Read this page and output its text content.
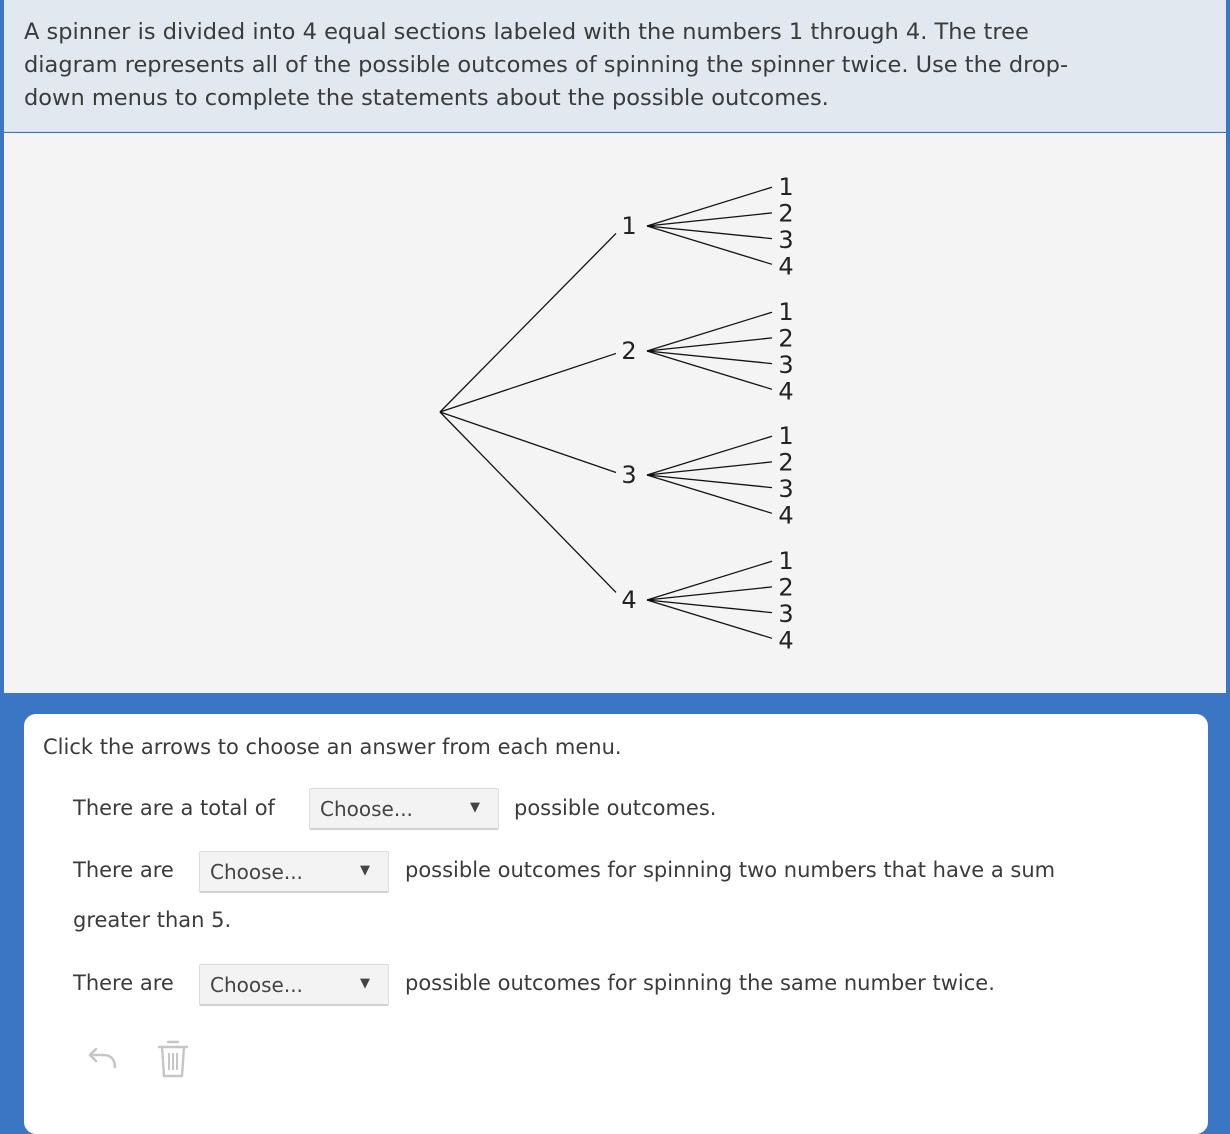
A spinner is divided into 4 equal sections labeled with the numbers 1 through 4. The tree
diagram represents all of the possible outcomes of spinning the spinner twice. Use the drop-
down menus to complete the statements about the possible outcomes.

1
1
2
3
4
2
1
2
3
4
3
1
2
3
4
4
1
2
3
4
Click the arrows to choose an answer from each menu.
There are a total of Choose...	▼ possible outcomes.
There are Choose...	▼ possible outcomes for spinning two numbers that have a sum
greater than 5.
There are Choose...	▼ possible outcomes for spinning the same number twice.
